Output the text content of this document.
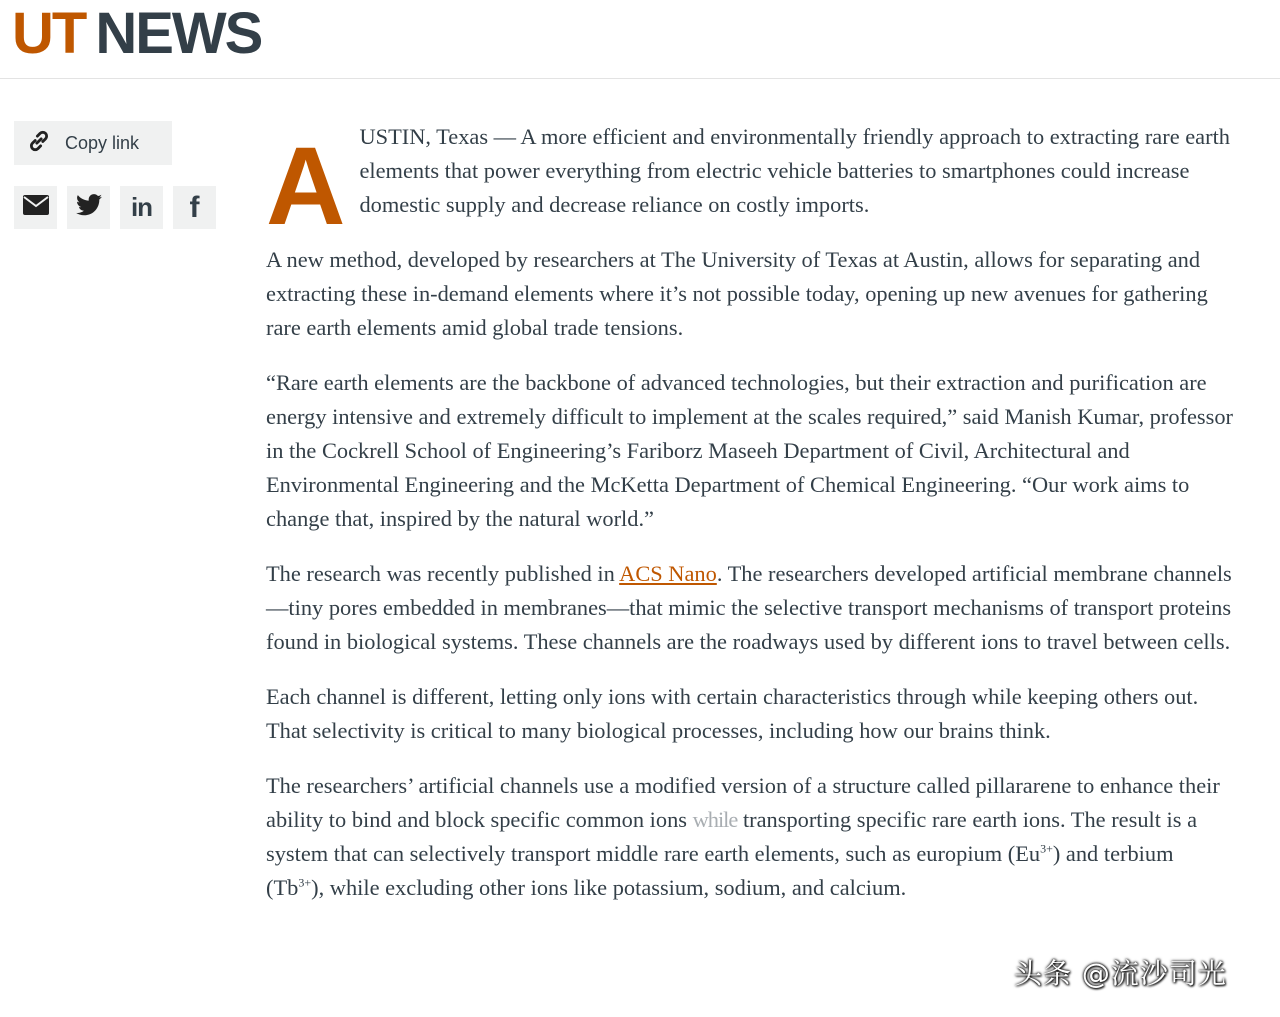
UT NEWS
Copy link
in f A USTIN, Texas — A more efficient and environmentally friendly approach to extracting rare earth elements that power everything from electric vehicle batteries to smartphones could increase domestic supply and decrease reliance on costly imports.

A new method, developed by researchers at The University of Texas at Austin, allows for separating and extracting these in-demand elements where it’s not possible today, opening up new avenues for gathering rare earth elements amid global trade tensions.

“Rare earth elements are the backbone of advanced technologies, but their extraction and purification are energy intensive and extremely difficult to implement at the scales required,” said Manish Kumar, professor in the Cockrell School of Engineering’s Fariborz Maseeh Department of Civil, Architectural and Environmental Engineering and the McKetta Department of Chemical Engineering. “Our work aims to change that, inspired by the natural world.”

The research was recently published in ACS Nano. The researchers developed artificial membrane channels—tiny pores embedded in membranes—that mimic the selective transport mechanisms of transport proteins found in biological systems. These channels are the roadways used by different ions to travel between cells.

Each channel is different, letting only ions with certain characteristics through while keeping others out. That selectivity is critical to many biological processes, including how our brains think.

The researchers’ artificial channels use a modified version of a structure called pillararene to enhance their ability to bind and block specific common ions while transporting specific rare earth ions. The result is a system that can selectively transport middle rare earth elements, such as europium $(Eu^{3+})$ and terbium $(Tb^{3+})$, while excluding other ions like potassium, sodium, and calcium.

头条 @流沙司光
